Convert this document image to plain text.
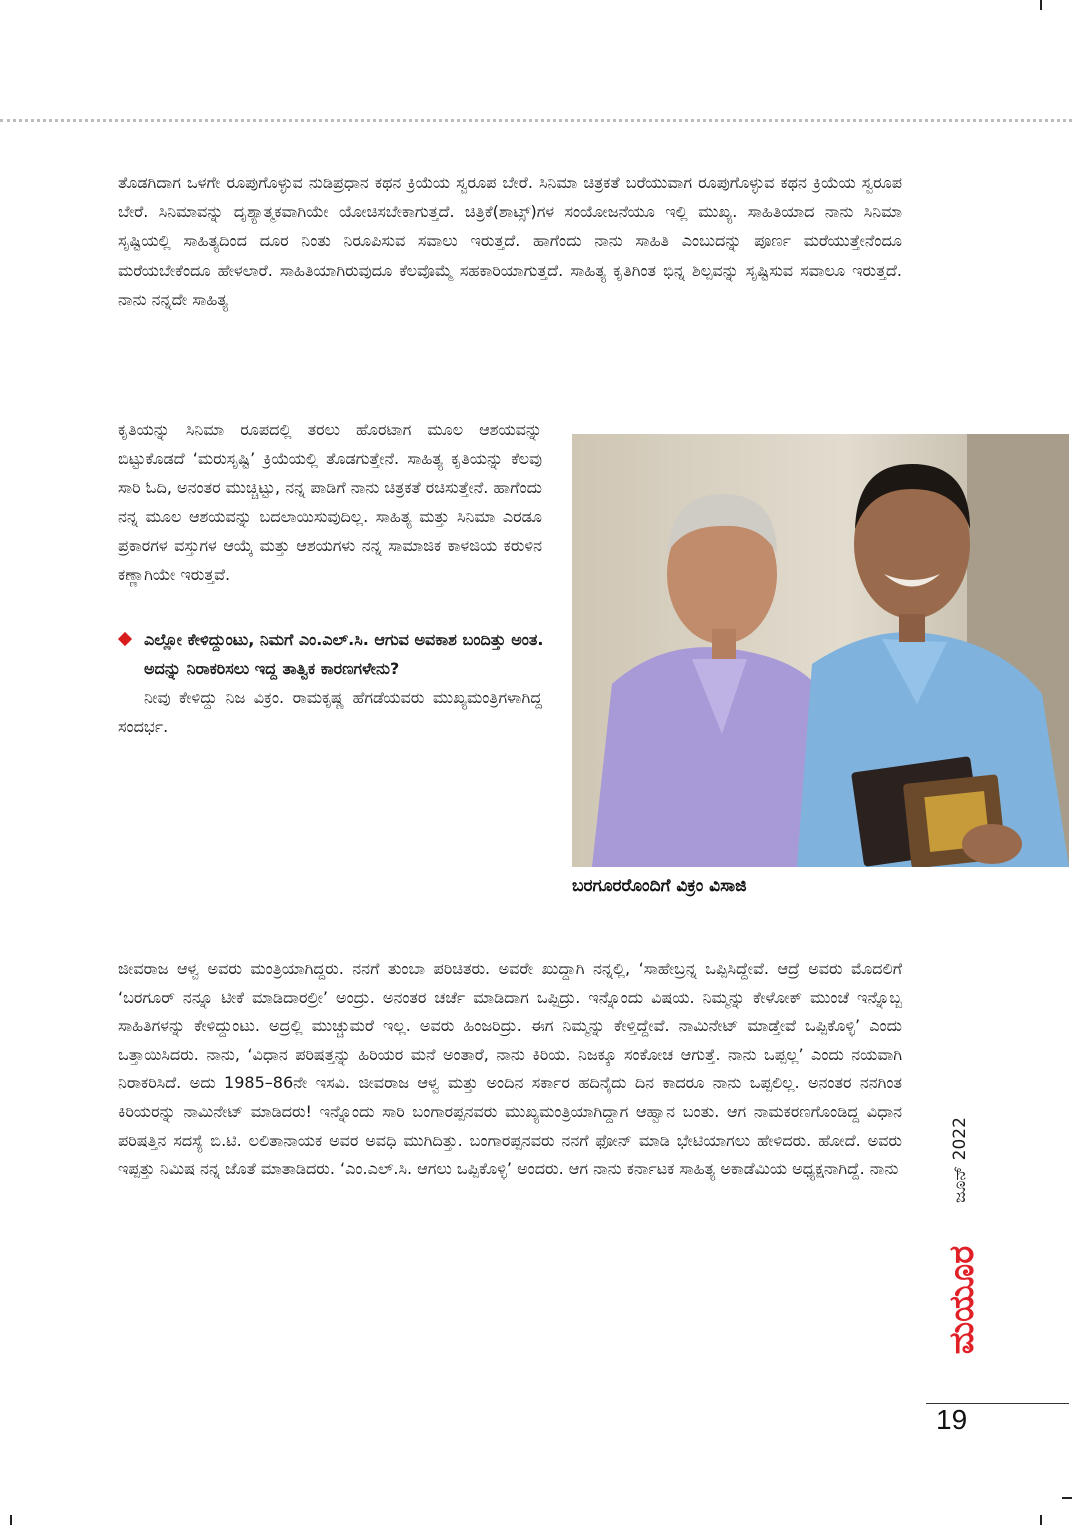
ತೊಡಗಿದಾಗ ಒಳಗೇ ರೂಪುಗೊಳ್ಳುವ ನುಡಿಪ್ರಧಾನ ಕಥನ ಕ್ರಿಯೆಯ ಸ್ವರೂಪ ಬೇರೆ. ಸಿನಿಮಾ ಚಿತ್ರಕತೆ ಬರೆಯುವಾಗ ರೂಪುಗೊಳ್ಳುವ ಕಥನ ಕ್ರಿಯೆಯ ಸ್ವರೂಪ ಬೇರೆ. ಸಿನಿಮಾವನ್ನು ದೃಶ್ಯಾತ್ಮಕವಾಗಿಯೇ ಯೋಚಿಸಬೇಕಾಗುತ್ತದೆ. ಚಿತ್ರಿಕೆ(ಶಾಟ್ಸ್)ಗಳ ಸಂಯೋಜನೆಯೂ ಇಲ್ಲಿ ಮುಖ್ಯ. ಸಾಹಿತಿಯಾದ ನಾನು ಸಿನಿಮಾ ಸೃಷ್ಟಿಯಲ್ಲಿ ಸಾಹಿತ್ಯದಿಂದ ದೂರ ನಿಂತು ನಿರೂಪಿಸುವ ಸವಾಲು ಇರುತ್ತದೆ. ಹಾಗೆಂದು ನಾನು ಸಾಹಿತಿ ಎಂಬುದನ್ನು ಪೂರ್ಣ ಮರೆಯುತ್ತೇನೆಂದೂ ಮರೆಯಬೇಕೆಂದೂ ಹೇಳಲಾರೆ. ಸಾಹಿತಿಯಾಗಿರುವುದೂ ಕೆಲವೊಮ್ಮೆ ಸಹಕಾರಿಯಾಗುತ್ತದೆ. ಸಾಹಿತ್ಯ ಕೃತಿಗಿಂತ ಭಿನ್ನ ಶಿಲ್ಪವನ್ನು ಸೃಷ್ಟಿಸುವ ಸವಾಲೂ ಇರುತ್ತದೆ. ನಾನು ನನ್ನದೇ ಸಾಹಿತ್ಯ

ಕೃತಿಯನ್ನು ಸಿನಿಮಾ ರೂಪದಲ್ಲಿ ತರಲು ಹೊರಟಾಗ ಮೂಲ ಆಶಯವನ್ನು ಬಿಟ್ಟುಕೊಡದೆ ‘ಮರುಸೃಷ್ಟಿ’ ಕ್ರಿಯೆಯಲ್ಲಿ ತೊಡಗುತ್ತೇನೆ. ಸಾಹಿತ್ಯ ಕೃತಿಯನ್ನು ಕೆಲವು ಸಾರಿ ಓದಿ, ಅನಂತರ ಮುಚ್ಚಿಟ್ಟು, ನನ್ನ ಪಾಡಿಗೆ ನಾನು ಚಿತ್ರಕತೆ ರಚಿಸುತ್ತೇನೆ. ಹಾಗೆಂದು ನನ್ನ ಮೂಲ ಆಶಯವನ್ನು ಬದಲಾಯಿಸುವುದಿಲ್ಲ. ಸಾಹಿತ್ಯ ಮತ್ತು ಸಿನಿಮಾ ಎರಡೂ ಪ್ರಕಾರಗಳ ವಸ್ತುಗಳ ಆಯ್ಕೆ ಮತ್ತು ಆಶಯಗಳು ನನ್ನ ಸಾಮಾಜಿಕ ಕಾಳಜಿಯ ಕರುಳಿನ ಕಣ್ಣಾಗಿಯೇ ಇರುತ್ತವೆ.

ಎಲ್ಲೋ ಕೇಳಿದ್ದುಂಟು, ನಿಮಗೆ ಎಂ.ಎಲ್.ಸಿ. ಆಗುವ ಅವಕಾಶ ಬಂದಿತ್ತು ಅಂತ. ಅದನ್ನು ನಿರಾಕರಿಸಲು ಇದ್ದ ತಾತ್ವಿಕ ಕಾರಣಗಳೇನು?

ನೀವು ಕೇಳಿದ್ದು ನಿಜ ವಿಕ್ರಂ. ರಾಮಕೃಷ್ಣ ಹೆಗಡೆಯವರು ಮುಖ್ಯಮಂತ್ರಿಗಳಾಗಿದ್ದ ಸಂದರ್ಭ.

ಬರಗೂರರೊಂದಿಗೆ ವಿಕ್ರಂ ವಿಸಾಜಿ

ಜೀವರಾಜ ಆಳ್ವ ಅವರು ಮಂತ್ರಿಯಾಗಿದ್ದರು. ನನಗೆ ತುಂಬಾ ಪರಿಚಿತರು. ಅವರೇ ಖುದ್ದಾಗಿ ನನ್ನಲ್ಲಿ, ‘ಸಾಹೇಬ್ರನ್ನ ಒಪ್ಪಿಸಿದ್ದೇವೆ. ಆದ್ರೆ ಅವರು ಮೊದಲಿಗೆ ‘ಬರಗೂರ್ ನನ್ನೂ ಟೀಕೆ ಮಾಡಿದಾರಲ್ರೀ’ ಅಂದ್ರು. ಅನಂತರ ಚರ್ಚೆ ಮಾಡಿದಾಗ ಒಪ್ಪಿದ್ರು. ಇನ್ನೊಂದು ವಿಷಯ. ನಿಮ್ಮನ್ನು ಕೇಳೋಕ್ ಮುಂಚೆ ಇನ್ನೊಬ್ಬ ಸಾಹಿತಿಗಳನ್ನು ಕೇಳಿದ್ದುಂಟು. ಅದ್ರಲ್ಲಿ ಮುಚ್ಚುಮರೆ ಇಲ್ಲ. ಅವರು ಹಿಂಜರಿದ್ರು. ಈಗ ನಿಮ್ಮನ್ನು ಕೇಳ್ತಿದ್ದೇವೆ. ನಾಮಿನೇಟ್ ಮಾಡ್ತೇವೆ ಒಪ್ಪಿಕೊಳ್ಳಿ’ ಎಂದು ಒತ್ತಾಯಿಸಿದರು. ನಾನು, ‘ವಿಧಾನ ಪರಿಷತ್ತನ್ನು ಹಿರಿಯರ ಮನೆ ಅಂತಾರೆ, ನಾನು ಕಿರಿಯ. ನಿಜಕ್ಕೂ ಸಂಕೋಚ ಆಗುತ್ತೆ. ನಾನು ಒಪ್ಪಲ್ಲ’ ಎಂದು ನಯವಾಗಿ ನಿರಾಕರಿಸಿದೆ. ಅದು 1985–86ನೇ ಇಸವಿ. ಜೀವರಾಜ ಆಳ್ವ ಮತ್ತು ಅಂದಿನ ಸರ್ಕಾರ ಹದಿನೈದು ದಿನ ಕಾದರೂ ನಾನು ಒಪ್ಪಲಿಲ್ಲ. ಅನಂತರ ನನಗಿಂತ ಕಿರಿಯರನ್ನು ನಾಮಿನೇಟ್ ಮಾಡಿದರು! ಇನ್ನೊಂದು ಸಾರಿ ಬಂಗಾರಪ್ಪನವರು ಮುಖ್ಯಮಂತ್ರಿಯಾಗಿದ್ದಾಗ ಆಹ್ವಾನ ಬಂತು. ಆಗ ನಾಮಕರಣಗೊಂಡಿದ್ದ ವಿಧಾನ ಪರಿಷತ್ತಿನ ಸದಸ್ಯೆ ಬಿ.ಟಿ. ಲಲಿತಾನಾಯಕ ಅವರ ಅವಧಿ ಮುಗಿದಿತ್ತು. ಬಂಗಾರಪ್ಪನವರು ನನಗೆ ಫೋನ್ ಮಾಡಿ ಭೇಟಿಯಾಗಲು ಹೇಳಿದರು. ಹೋದೆ. ಅವರು ಇಪ್ಪತ್ತು ನಿಮಿಷ ನನ್ನ ಜೊತೆ ಮಾತಾಡಿದರು. ‘ಎಂ.ಎಲ್.ಸಿ. ಆಗಲು ಒಪ್ಪಿಕೊಳ್ಳಿ’ ಅಂದರು. ಆಗ ನಾನು ಕರ್ನಾಟಕ ಸಾಹಿತ್ಯ ಅಕಾಡೆಮಿಯ ಅಧ್ಯಕ್ಷನಾಗಿದ್ದೆ. ನಾನು	ಜೂನ್ 2022
ಮಯೂರ
19
